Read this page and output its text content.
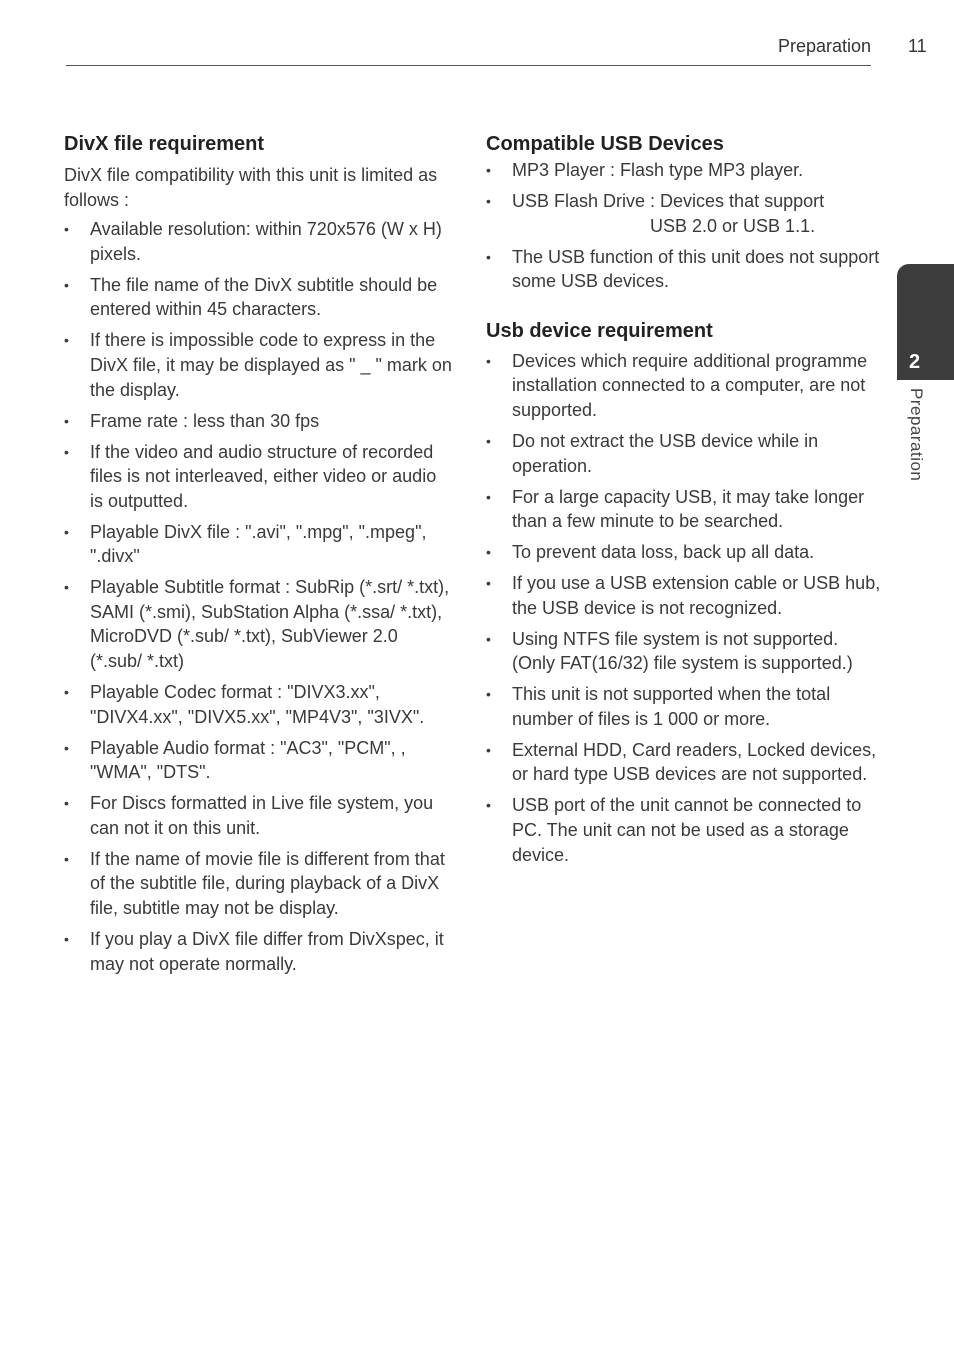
Preparation 11
2
Preparation
DivX file requirement

DivX file compatibility with this unit is limited as follows :

• Available resolution: within 720x576 (W x H) pixels.
• The file name of the DivX subtitle should be entered within 45 characters.
• If there is impossible code to express in the DivX file, it may be displayed as " _ " mark on the display.
• Frame rate : less than 30 fps
• If the video and audio structure of recorded files is not interleaved, either video or audio is outputted.
• Playable DivX file : ".avi", ".mpg", ".mpeg", ".divx"
• Playable Subtitle format : SubRip (*.srt/ *.txt), SAMI (*.smi), SubStation Alpha (*.ssa/ *.txt), MicroDVD (*.sub/ *.txt), SubViewer 2.0 (*.sub/ *.txt)
• Playable Codec format : "DIVX3.xx", "DIVX4.xx", "DIVX5.xx", "MP4V3", "3IVX".
• Playable Audio format : "AC3", "PCM", , "WMA", "DTS".
• For Discs formatted in Live file system, you can not it on this unit.
• If the name of movie file is different from that of the subtitle file, during playback of a DivX file, subtitle may not be display.
• If you play a DivX file differ from DivXspec, it may not operate normally.
Compatible USB Devices
• MP3 Player : Flash type MP3 player.
• USB Flash Drive : Devices that support
USB 2.0 or USB 1.1.
• The USB function of this unit does not support some USB devices.
Usb device requirement
• Devices which require additional programme installation connected to a computer, are not supported.
• Do not extract the USB device while in operation.
• For a large capacity USB, it may take longer than a few minute to be searched.
• To prevent data loss, back up all data.
• If you use a USB extension cable or USB hub, the USB device is not recognized.
• Using NTFS file system is not supported. (Only FAT(16/32) file system is supported.)
• This unit is not supported when the total number of files is 1 000 or more.
• External HDD, Card readers, Locked devices, or hard type USB devices are not supported.
• USB port of the unit cannot be connected to PC. The unit can not be used as a storage device.
